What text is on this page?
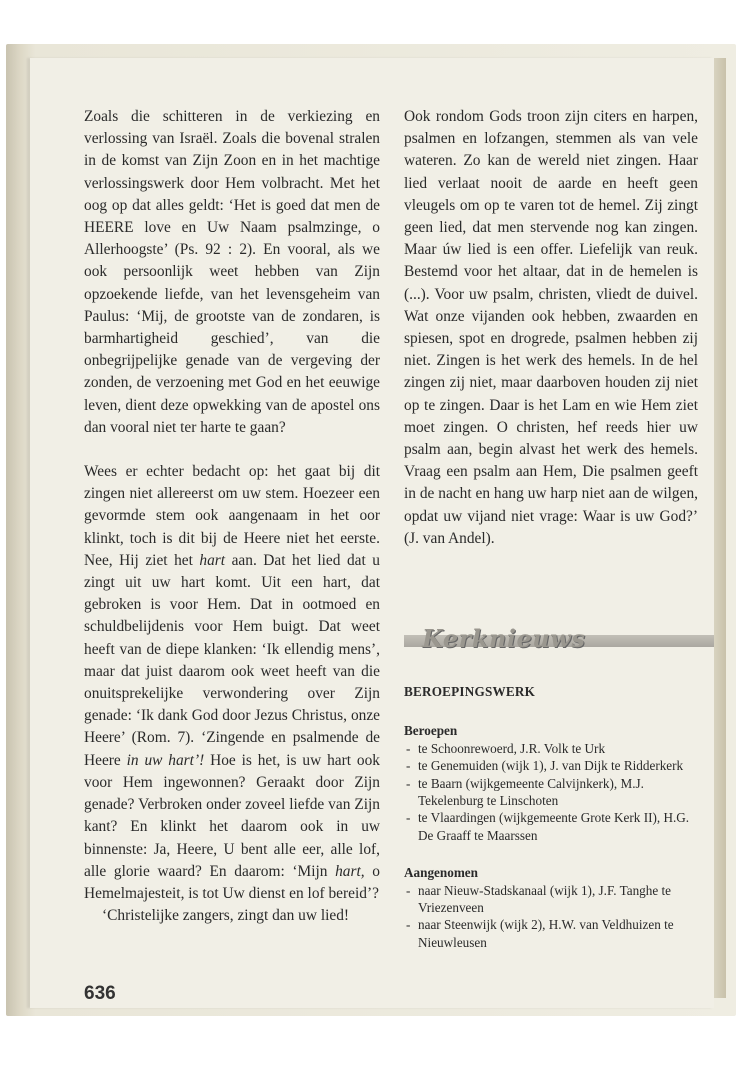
Zoals die schitteren in de verkiezing en verlossing van Israël. Zoals die bovenal stralen in de komst van Zijn Zoon en in het machtige verlossingswerk door Hem volbracht. Met het oog op dat alles geldt: ‘Het is goed dat men de HEERE love en Uw Naam psalmzinge, o Allerhoogste’ (Ps. 92 : 2). En vooral, als we ook persoonlijk weet hebben van Zijn opzoekende liefde, van het levensgeheim van Paulus: ‘Mij, de grootste van de zondaren, is barmhartigheid geschied’, van die onbegrijpelijke genade van de vergeving der zonden, de verzoening met God en het eeuwige leven, dient deze opwekking van de apostel ons dan vooral niet ter harte te gaan?

Wees er echter bedacht op: het gaat bij dit zingen niet allereerst om uw stem. Hoezeer een gevormde stem ook aangenaam in het oor klinkt, toch is dit bij de Heere niet het eerste. Nee, Hij ziet het hart aan. Dat het lied dat u zingt uit uw hart komt. Uit een hart, dat gebroken is voor Hem. Dat in ootmoed en schuldbelijdenis voor Hem buigt. Dat weet heeft van de diepe klanken: ‘Ik ellendig mens’, maar dat juist daarom ook weet heeft van die onuitsprekelijke verwondering over Zijn genade: ‘Ik dank God door Jezus Christus, onze Heere’ (Rom. 7). ‘Zingende en psalmende de Heere in uw hart’! Hoe is het, is uw hart ook voor Hem ingewonnen? Geraakt door Zijn genade? Verbroken onder zoveel liefde van Zijn kant? En klinkt het daarom ook in uw binnenste: Ja, Heere, U bent alle eer, alle lof, alle glorie waard? En daarom: ‘Mijn hart, o Hemelmajesteit, is tot Uw dienst en lof bereid’?

‘Christelijke zangers, zingt dan uw lied!

Ook rondom Gods troon zijn citers en harpen, psalmen en lofzangen, stemmen als van vele wateren. Zo kan de wereld niet zingen. Haar lied verlaat nooit de aarde en heeft geen vleugels om op te varen tot de hemel. Zij zingt geen lied, dat men stervende nog kan zingen. Maar úw lied is een offer. Liefelijk van reuk. Bestemd voor het altaar, dat in de hemelen is (...). Voor uw psalm, christen, vliedt de duivel. Wat onze vijanden ook hebben, zwaarden en spiesen, spot en drogrede, psalmen hebben zij niet. Zingen is het werk des hemels. In de hel zingen zij niet, maar daarboven houden zij niet op te zingen. Daar is het Lam en wie Hem ziet moet zingen. O christen, hef reeds hier uw psalm aan, begin alvast het werk des hemels. Vraag een psalm aan Hem, Die psalmen geeft in de nacht en hang uw harp niet aan de wilgen, opdat uw vijand niet vrage: Waar is uw God?’ (J. van Andel).

Kerknieuws
BEROEPINGSWERK
Beroepen
- te Schoonrewoerd, J.R. Volk te Urk
- te Genemuiden (wijk 1), J. van Dijk te Ridderkerk
- te Baarn (wijkgemeente Calvijnkerk), M.J. Tekelenburg te Linschoten
- te Vlaardingen (wijkgemeente Grote Kerk II), H.G. De Graaff te Maarssen
Aangenomen
- naar Nieuw-Stadskanaal (wijk 1), J.F. Tanghe te Vriezenveen
- naar Steenwijk (wijk 2), H.W. van Veldhuizen te Nieuwleusen
636
